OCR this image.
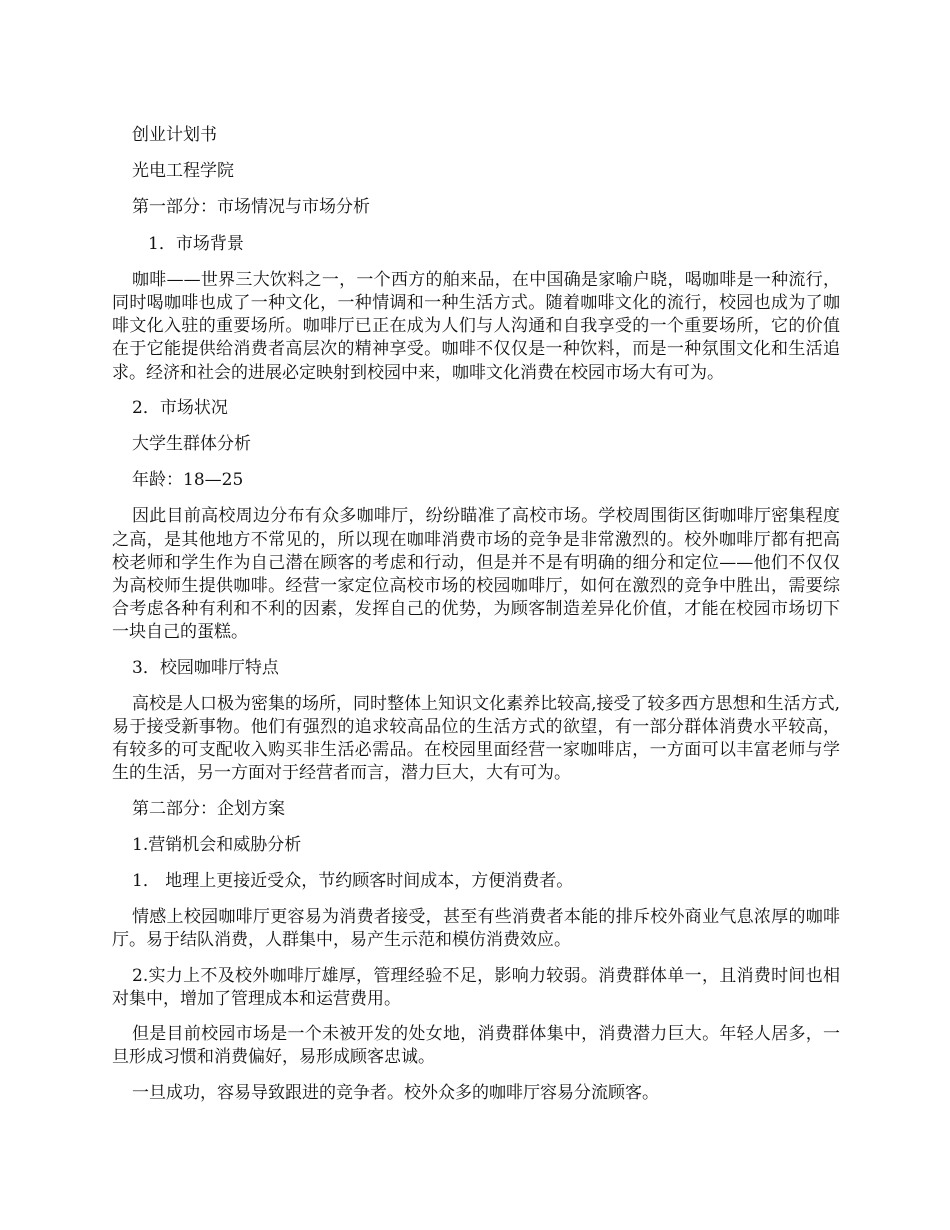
创业计划书

光电工程学院

第一部分：市场情况与市场分析

1．市场背景

咖啡——世界三大饮料之一，一个西方的舶来品，在中国确是家喻户晓，喝咖啡是一种流行，同时喝咖啡也成了一种文化，一种情调和一种生活方式。随着咖啡文化的流行，校园也成为了咖啡文化入驻的重要场所。咖啡厅已正在成为人们与人沟通和自我享受的一个重要场所，它的价值在于它能提供给消费者高层次的精神享受。咖啡不仅仅是一种饮料，而是一种氛围文化和生活追求。经济和社会的进展必定映射到校园中来，咖啡文化消费在校园市场大有可为。

2．市场状况

大学生群体分析

年龄：18—25

因此目前高校周边分布有众多咖啡厅，纷纷瞄准了高校市场。学校周围街区街咖啡厅密集程度之高，是其他地方不常见的，所以现在咖啡消费市场的竞争是非常激烈的。校外咖啡厅都有把高校老师和学生作为自己潜在顾客的考虑和行动，但是并不是有明确的细分和定位——他们不仅仅为高校师生提供咖啡。经营一家定位高校市场的校园咖啡厅，如何在激烈的竞争中胜出，需要综合考虑各种有利和不利的因素，发挥自己的优势，为顾客制造差异化价值，才能在校园市场切下一块自己的蛋糕。

3．校园咖啡厅特点

高校是人口极为密集的场所，同时整体上知识文化素养比较高,接受了较多西方思想和生活方式,易于接受新事物。他们有强烈的追求较高品位的生活方式的欲望，有一部分群体消费水平较高，有较多的可支配收入购买非生活必需品。在校园里面经营一家咖啡店，一方面可以丰富老师与学生的生活，另一方面对于经营者而言，潜力巨大，大有可为。

第二部分：企划方案

1.营销机会和威胁分析

1． 地理上更接近受众，节约顾客时间成本，方便消费者。

情感上校园咖啡厅更容易为消费者接受，甚至有些消费者本能的排斥校外商业气息浓厚的咖啡厅。易于结队消费，人群集中，易产生示范和模仿消费效应。

2.实力上不及校外咖啡厅雄厚，管理经验不足，影响力较弱。消费群体单一，且消费时间也相对集中，增加了管理成本和运营费用。

但是目前校园市场是一个未被开发的处女地，消费群体集中，消费潜力巨大。年轻人居多，一旦形成习惯和消费偏好，易形成顾客忠诚。

一旦成功，容易导致跟进的竞争者。校外众多的咖啡厅容易分流顾客。
